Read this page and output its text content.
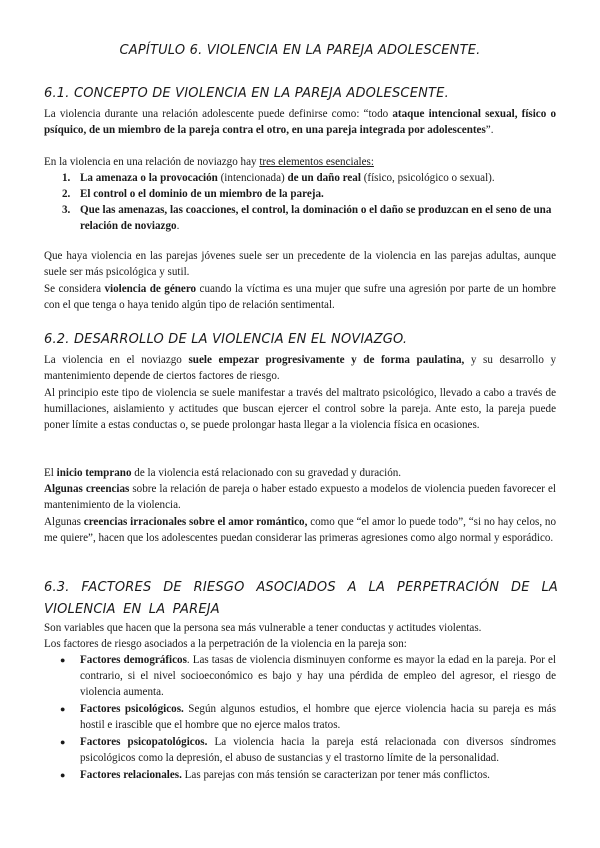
CAPÍTULO 6. VIOLENCIA EN LA PAREJA ADOLESCENTE.
6.1. CONCEPTO DE VIOLENCIA EN LA PAREJA ADOLESCENTE.
La violencia durante una relación adolescente puede definirse como: “todo ataque intencional sexual, físico o psíquico, de un miembro de la pareja contra el otro, en una pareja integrada por adolescentes”.
En la violencia en una relación de noviazgo hay tres elementos esenciales:
1. La amenaza o la provocación (intencionada) de un daño real (físico, psicológico o sexual).
2. El control o el dominio de un miembro de la pareja.
3. Que las amenazas, las coacciones, el control, la dominación o el daño se produzcan en el seno de una relación de noviazgo.
Que haya violencia en las parejas jóvenes suele ser un precedente de la violencia en las parejas adultas, aunque suele ser más psicológica y sutil.
Se considera violencia de género cuando la víctima es una mujer que sufre una agresión por parte de un hombre con el que tenga o haya tenido algún tipo de relación sentimental.
6.2. DESARROLLO DE LA VIOLENCIA EN EL NOVIAZGO.
La violencia en el noviazgo suele empezar progresivamente y de forma paulatina, y su desarrollo y mantenimiento depende de ciertos factores de riesgo.
Al principio este tipo de violencia se suele manifestar a través del maltrato psicológico, llevado a cabo a través de humillaciones, aislamiento y actitudes que buscan ejercer el control sobre la pareja. Ante esto, la pareja puede poner límite a estas conductas o, se puede prolongar hasta llegar a la violencia física en ocasiones.
El inicio temprano de la violencia está relacionado con su gravedad y duración.
Algunas creencias sobre la relación de pareja o haber estado expuesto a modelos de violencia pueden favorecer el mantenimiento de la violencia.
Algunas creencias irracionales sobre el amor romántico, como que “el amor lo puede todo”, “si no hay celos, no me quiere”, hacen que los adolescentes puedan considerar las primeras agresiones como algo normal y esporádico.
6.3. FACTORES DE RIESGO ASOCIADOS A LA PERPETRACIÓN DE LA VIOLENCIA EN LA PAREJA
Son variables que hacen que la persona sea más vulnerable a tener conductas y actitudes violentas.
Los factores de riesgo asociados a la perpetración de la violencia en la pareja son:
● Factores demográficos. Las tasas de violencia disminuyen conforme es mayor la edad en la pareja. Por el contrario, si el nivel socioeconómico es bajo y hay una pérdida de empleo del agresor, el riesgo de violencia aumenta.
● Factores psicológicos. Según algunos estudios, el hombre que ejerce violencia hacia su pareja es más hostil e irascible que el hombre que no ejerce malos tratos.
● Factores psicopatológicos. La violencia hacia la pareja está relacionada con diversos síndromes psicológicos como la depresión, el abuso de sustancias y el trastorno límite de la personalidad.
● Factores relacionales. Las parejas con más tensión se caracterizan por tener más conflictos.
